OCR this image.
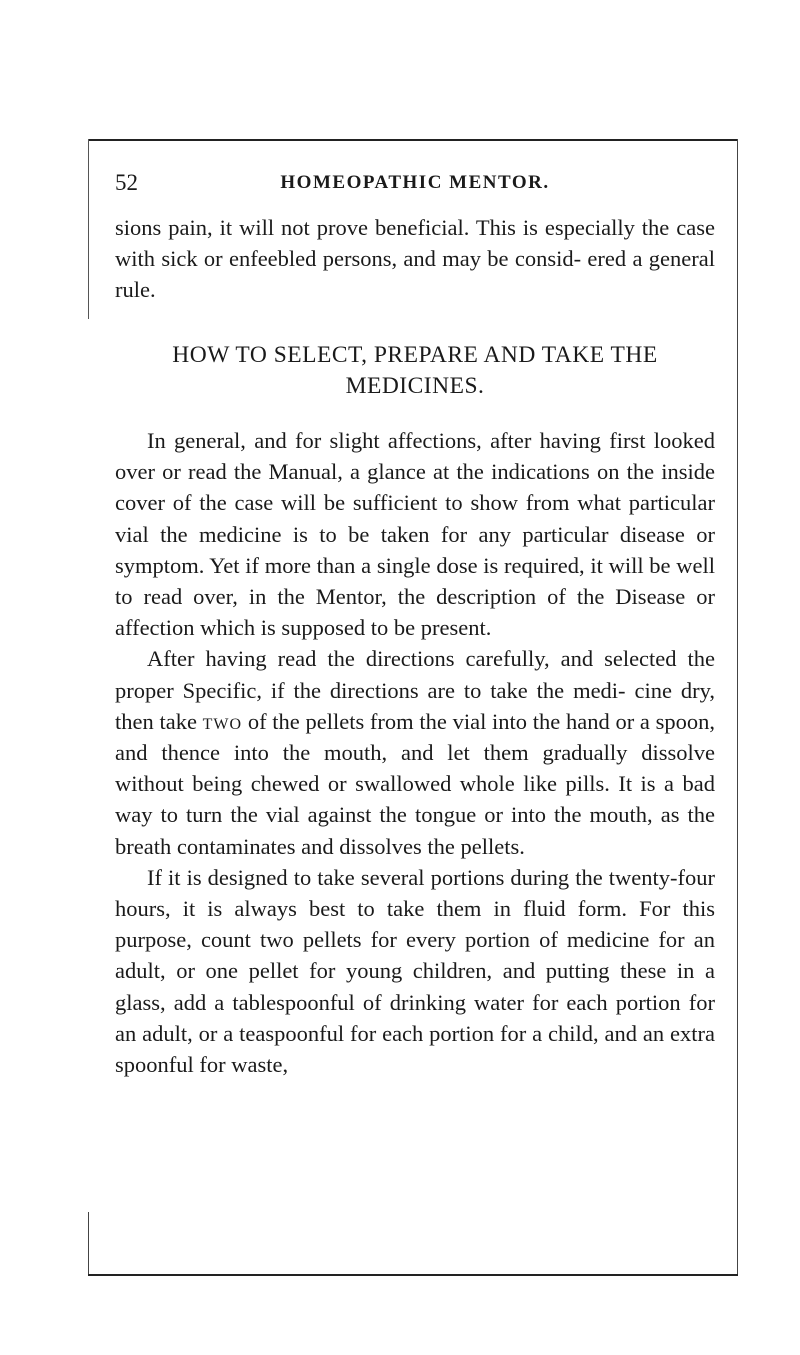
52	HOMEOPATHIC MENTOR.
sions pain, it will not prove beneficial. This is especially the case with sick or enfeebled persons, and may be consid- ered a general rule.
HOW TO SELECT, PREPARE AND TAKE THE MEDICINES.

In general, and for slight affections, after having first looked over or read the Manual, a glance at the indications on the inside cover of the case will be sufficient to show from what particular vial the medicine is to be taken for any particular disease or symptom. Yet if more than a single dose is required, it will be well to read over, in the Mentor, the description of the Disease or affection which is supposed to be present.

After having read the directions carefully, and selected the proper Specific, if the directions are to take the medi- cine dry, then take two of the pellets from the vial into the hand or a spoon, and thence into the mouth, and let them gradually dissolve without being chewed or swallowed whole like pills. It is a bad way to turn the vial against the tongue or into the mouth, as the breath contaminates and dissolves the pellets.

If it is designed to take several portions during the twenty-four hours, it is always best to take them in fluid form. For this purpose, count two pellets for every portion of medicine for an adult, or one pellet for young children, and putting these in a glass, add a tablespoonful of drinking water for each portion for an adult, or a teaspoonful for each portion for a child, and an extra spoonful for waste,
